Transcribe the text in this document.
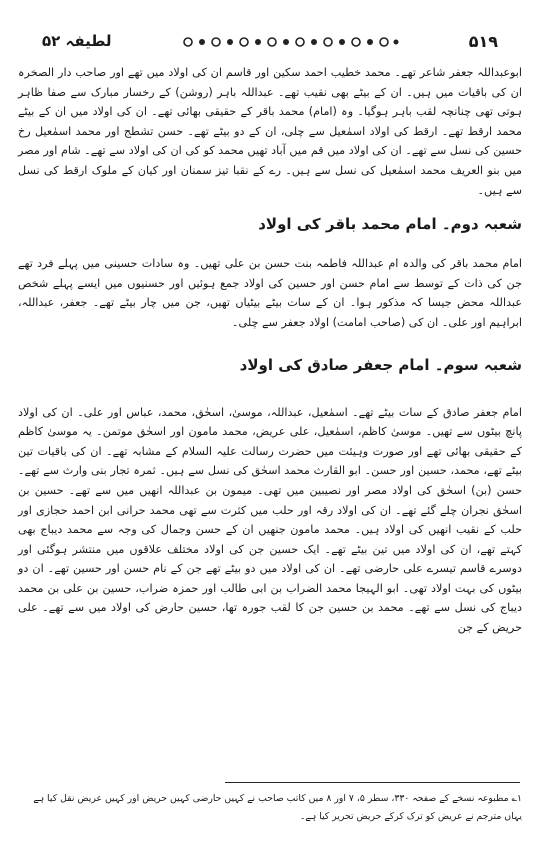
لطیفہ ۵۲	۵۱۹

ابوعبداللہ جعفر شاعر تھے۔ محمد خطیب احمد سکین اور قاسم ان کی اولاد میں تھے اور صاحب دار الصخرہ ان کی باقیات میں ہیں۔ ان کے بیٹے بھی نقیب تھے۔ عبداللہ باہر (روشن) کے رخسار مبارک سے صفا ظاہر ہوتی تھی چنانچہ لقب باہر ہوگیا۔ وہ (امام) محمد باقر کے حقیقی بھائی تھے۔ ان کی اولاد میں ان کے بیٹے محمد ارقط تھے۔ ارقط کی اولاد اسمٰعیل سے چلی، ان کے دو بیٹے تھے۔ حسن تشطج اور محمد اسمٰعیل رخ حسین کی نسل سے تھے۔ ان کی اولاد میں قم میں آباد تھیں محمد کو کی ان کی اولاد سے تھے۔ شام اور مصر میں بنو العریف محمد اسمٰعیل کی نسل سے ہیں۔ رے کے نقبا تیز سمنان اور کیان کے ملوک ارقط کی نسل سے ہیں۔

شعبہ دوم۔ امام محمد باقر کی اولاد

امام محمد باقر کی والدہ ام عبداللہ فاطمہ بنت حسن بن علی تھیں۔ وہ سادات حسینی میں پہلے فرد تھے جن کی ذات کے توسط سے امام حسن اور حسین کی اولاد جمع ہوئیں اور حسنیوں میں ایسے پہلے شخص عبداللہ محض جیسا کہ مذکور ہوا۔ ان کے سات بیٹے بیٹیاں تھیں، جن میں چار بیٹے تھے۔ جعفر، عبداللہ، ابراہیم اور علی۔ ان کی (صاحب امامت) اولاد جعفر سے چلی۔

شعبہ سوم۔ امام جعفر صادق کی اولاد

امام جعفر صادق کے سات بیٹے تھے۔ اسمٰعیل، عبداللہ، موسیٰ، اسحٰق، محمد، عباس اور علی۔ ان کی اولاد پانچ بیٹوں سے تھیں۔ موسیٰ کاظم، اسمٰعیل، علی عریض، محمد مامون اور اسحٰق موتمن۔ یہ موسیٰ کاظم کے حقیقی بھائی تھے اور صورت وہیئت میں حضرت رسالت علیہ السلام کے مشابہ تھے۔ ان کی باقیات تین بیٹے تھے، محمد، حسین اور حسن۔ ابو القارث محمد اسحٰق کی نسل سے ہیں۔ ثمرہ تجار بنی وارث سے تھے۔ حسن (بن) اسحٰق کی اولاد مصر اور نصیبین میں تھی۔ میمون بن عبداللہ انھیں میں سے تھے۔ حسین بن اسحٰق نجران چلے گئے تھے۔ ان کی اولاد رقہ اور حلب میں کثرت سے تھی محمد حرانی ابن احمد حجازی اور حلب کے نقیب انھیں کی اولاد ہیں۔ محمد مامون جنھیں ان کے حسن وجمال کی وجہ سے محمد دیباج بھی کہتے تھے، ان کی اولاد میں تین بیٹے تھے۔ ایک حسین جن کی اولاد مختلف علاقوں میں منتشر ہوگئی اور دوسرے قاسم تیسرے علی حارضی تھے۔ ان کی اولاد میں دو بیٹے تھے جن کے نام حسن اور حسین تھے۔ ان دو بیٹوں کی بہت اولاد تھی۔ ابو الہیجا محمد الضراب بن ابی طالب اور حمزہ ضراب، حسین بن علی بن محمد دیباج کی نسل سے تھے۔ محمد بن حسین جن کا لقب جورہ تھا، حسین حارض کی اولاد میں سے تھے۔ علی حریض کے جن

۱؎ مطبوعہ نسخے کے صفحہ ۳۳۰، سطر ۵، ۷ اور ۸ میں کاتب صاحب نے کہیں حارضی کہیں حریض اور کہیں عریض نقل کیا ہے یہاں مترجم نے عریض کو ترک کرکے حریض تحریر کیا ہے۔
